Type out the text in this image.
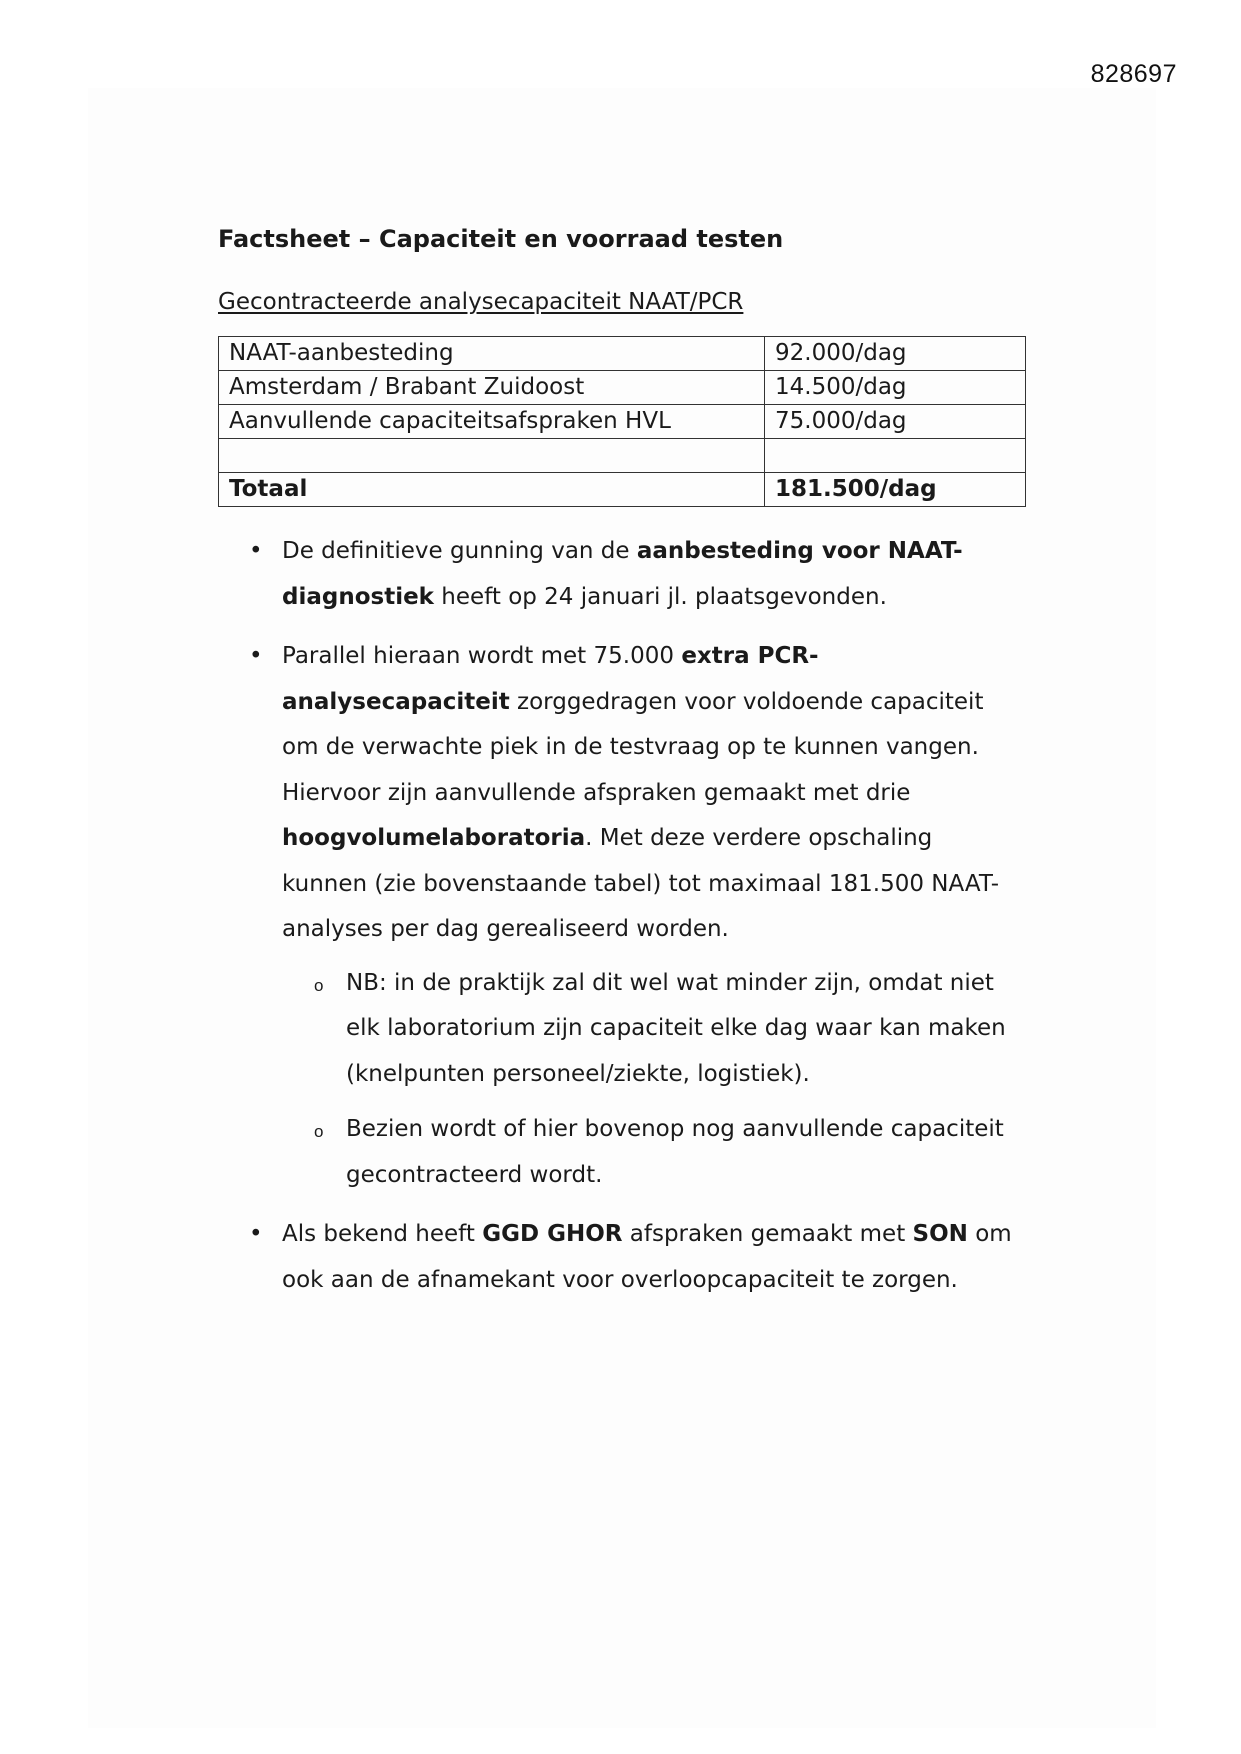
828697
Factsheet – Capaciteit en voorraad testen
Gecontracteerde analysecapaciteit NAAT/PCR
NAAT-aanbesteding	92.000/dag
Amsterdam / Brabant Zuidoost	14.500/dag
Aanvullende capaciteitsafspraken HVL	75.000/dag

Totaal	181.500/dag
• De definitieve gunning van de aanbesteding voor NAAT-diagnostiek heeft op 24 januari jl. plaatsgevonden.
• Parallel hieraan wordt met 75.000 extra PCR-analysecapaciteit zorggedragen voor voldoende capaciteit om de verwachte piek in de testvraag op te kunnen vangen. Hiervoor zijn aanvullende afspraken gemaakt met drie hoogvolumelaboratoria. Met deze verdere opschaling kunnen (zie bovenstaande tabel) tot maximaal 181.500 NAAT-analyses per dag gerealiseerd worden.
o NB: in de praktijk zal dit wel wat minder zijn, omdat niet elk laboratorium zijn capaciteit elke dag waar kan maken (knelpunten personeel/ziekte, logistiek).
o Bezien wordt of hier bovenop nog aanvullende capaciteit gecontracteerd wordt.
• Als bekend heeft GGD GHOR afspraken gemaakt met SON om ook aan de afnamekant voor overloopcapaciteit te zorgen.
